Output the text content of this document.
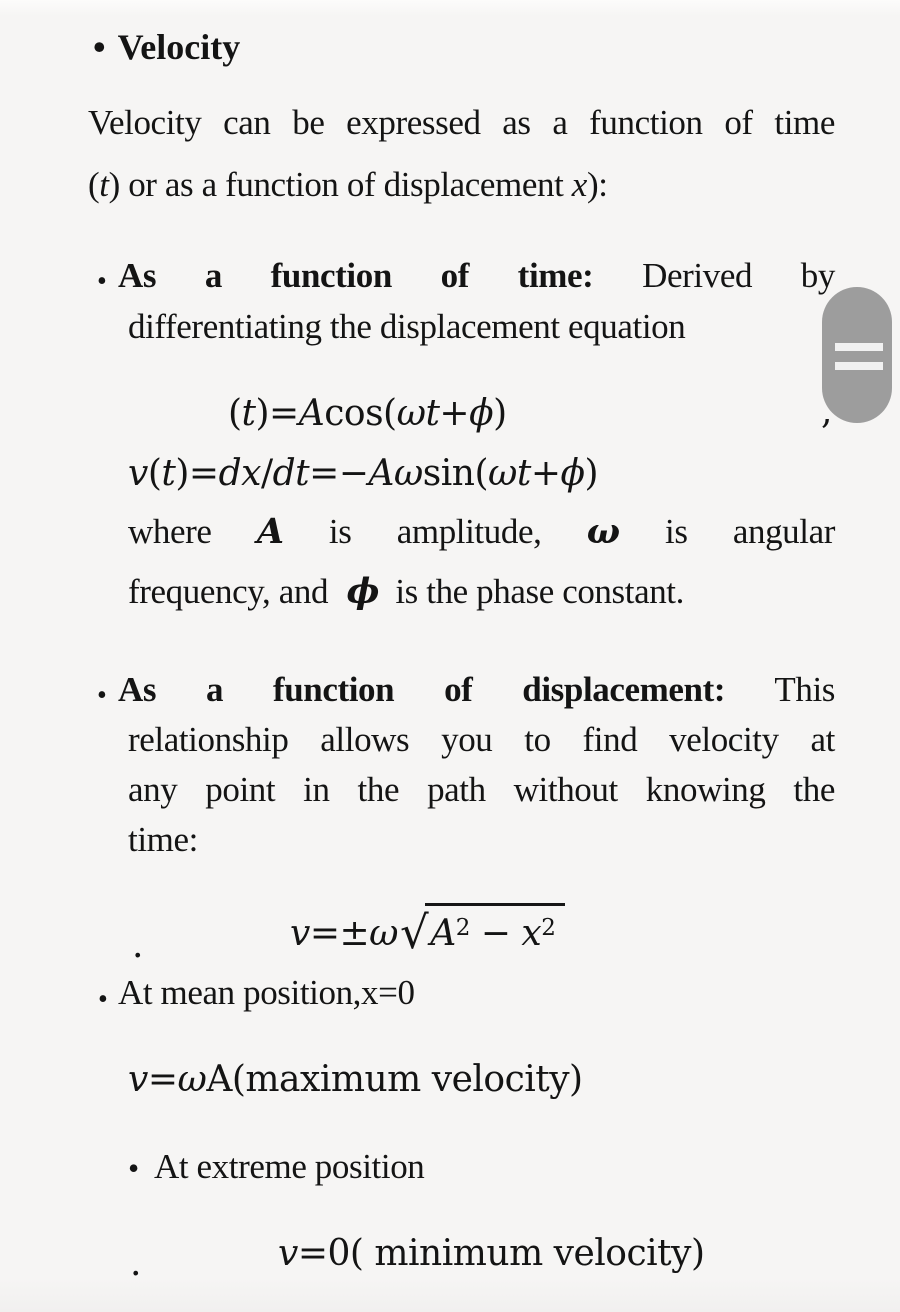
• Velocity
Velocity can be expressed as a function of time
(t) or as a function of displacement x):
• As a function of time: Derived by
differentiating the displacement equation
(t)=Acos(ωt+ϕ)	,
v(t)=dx/dt=−Aωsin(ωt+ϕ)
where A is amplitude, ω is angular
frequency, and ϕ is the phase constant.
• As a function of displacement: This
relationship allows you to find velocity at
any point in the path without knowing the
time:
.	$v=\pm\omega√A^2 - x^2$
• At mean position,x=0
v=ωA(maximum velocity)
• At extreme position
.	v=0( minimum velocity)
